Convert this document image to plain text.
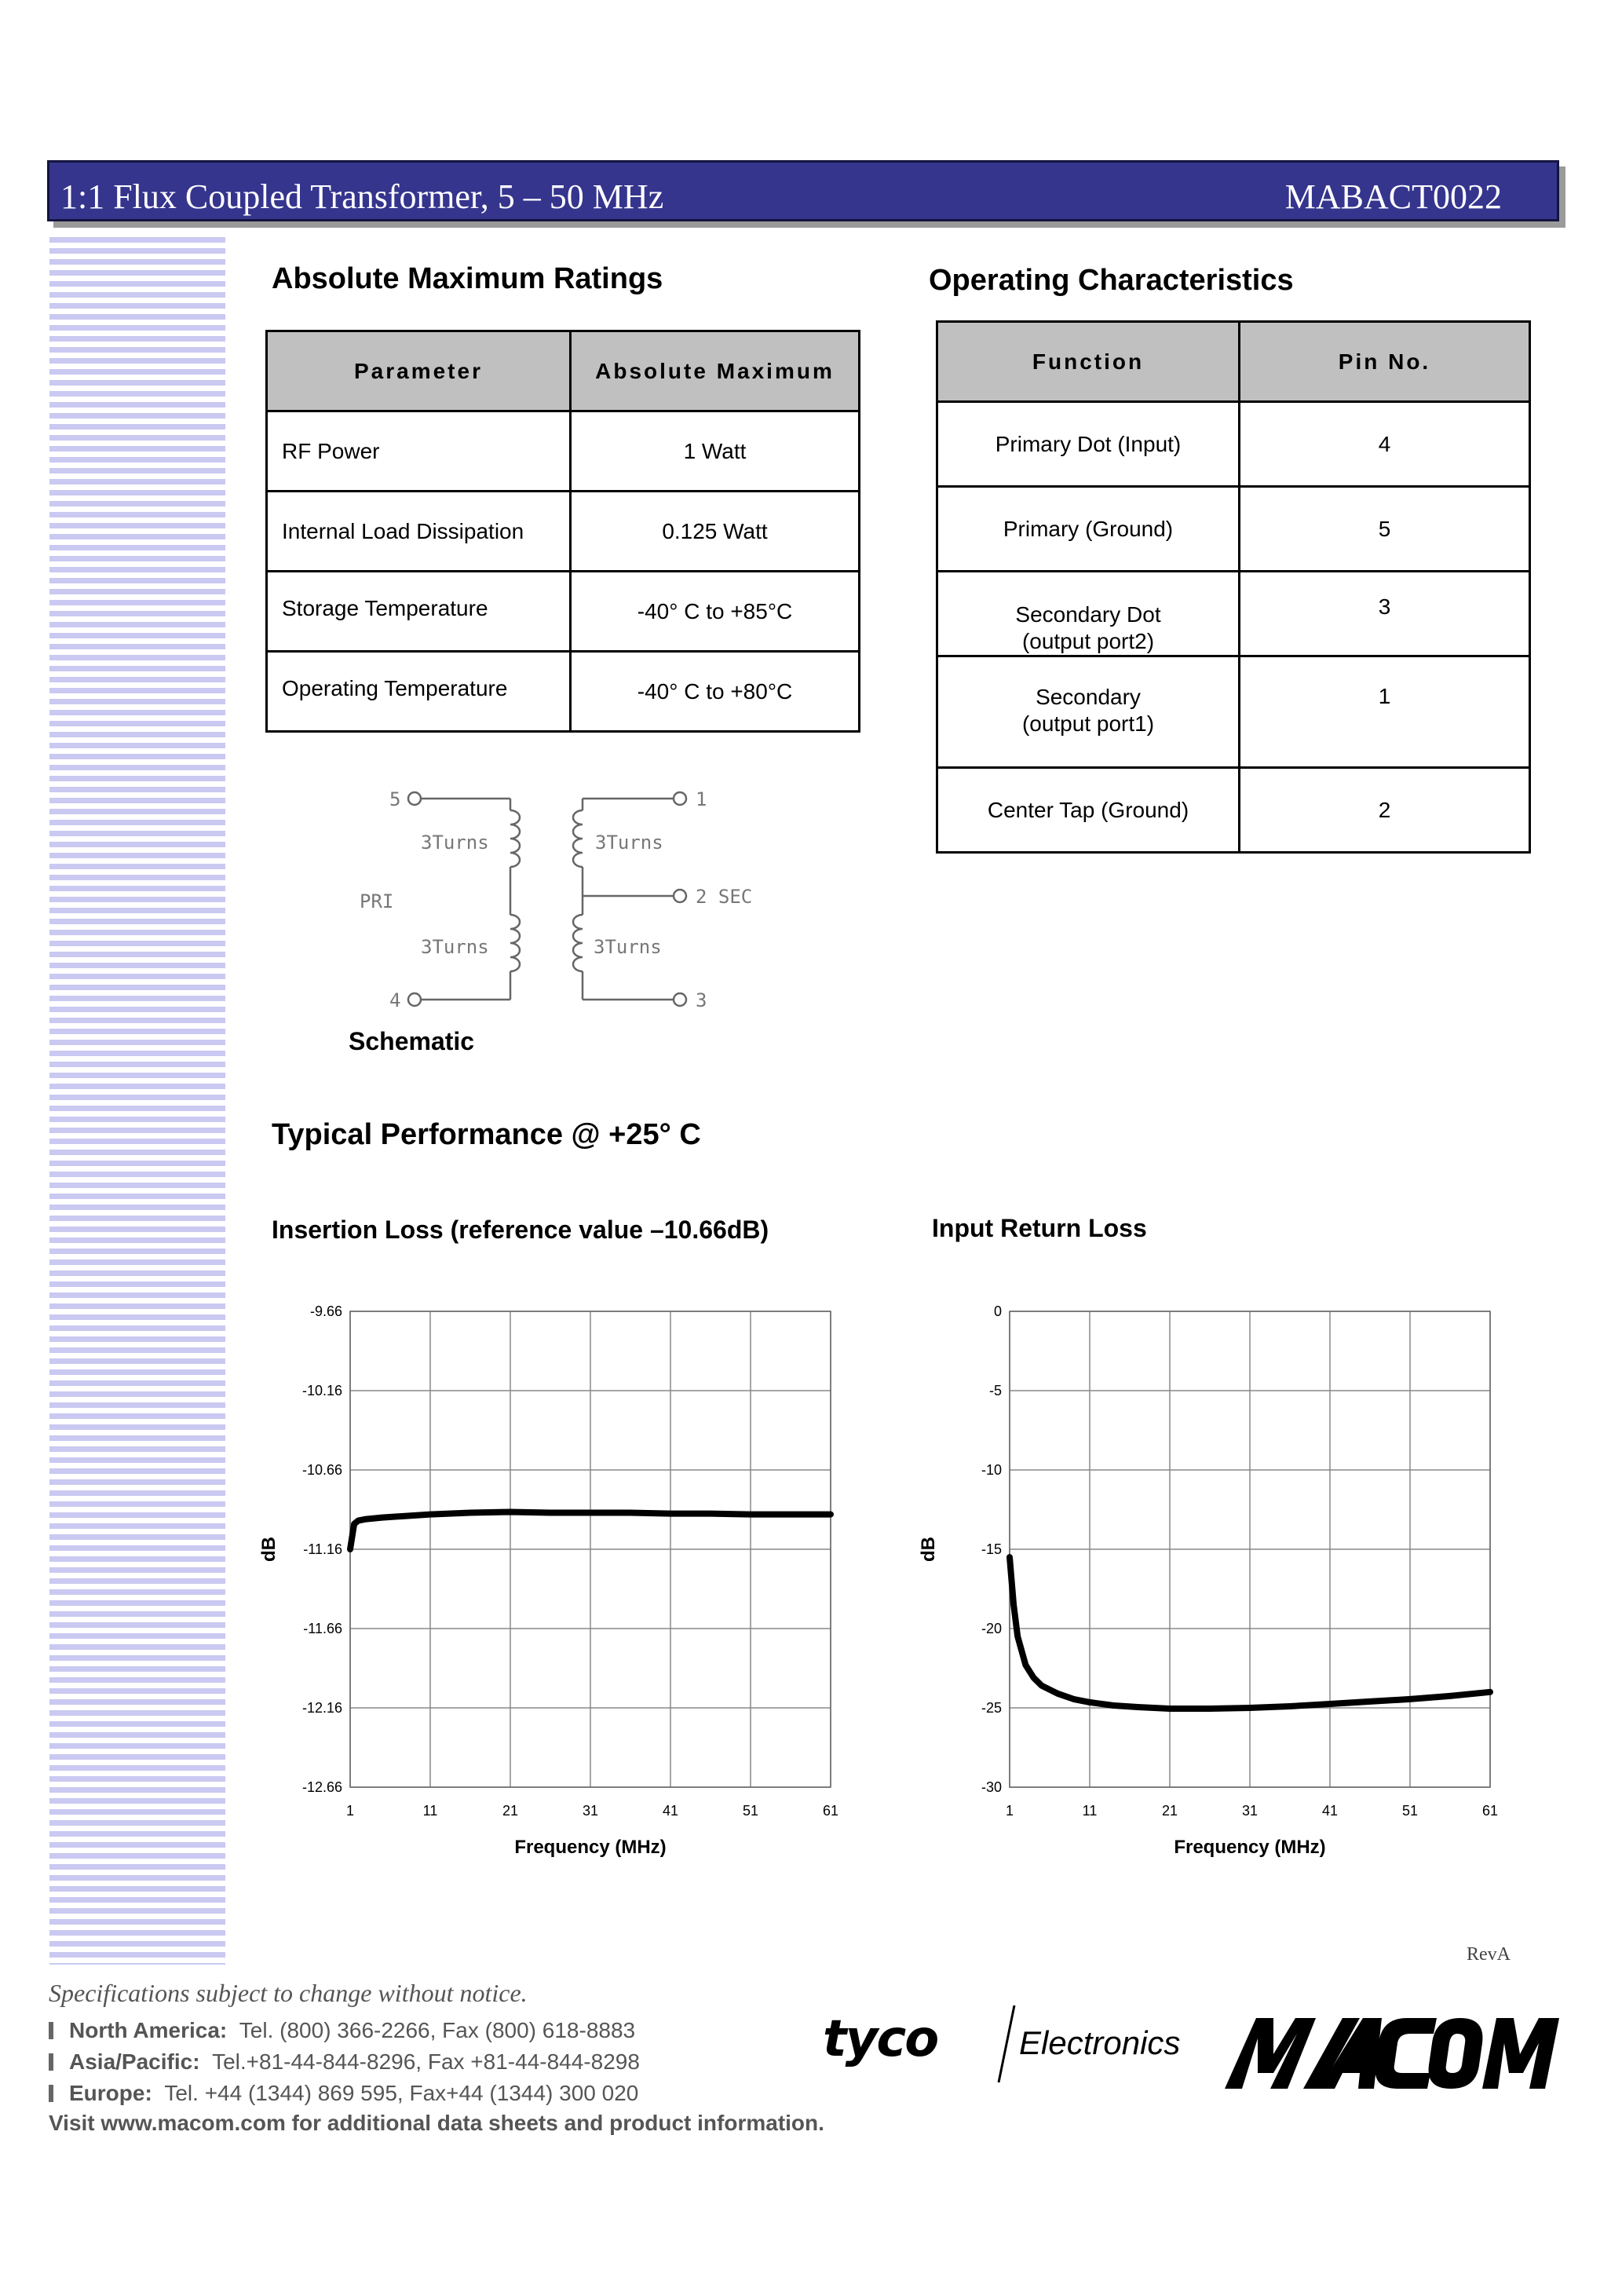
1:1 Flux Coupled Transformer, 5 – 50 MHz	MABACT0022
Absolute Maximum Ratings
Parameter	Absolute Maximum
RF Power	1 Watt
Internal Load Dissipation	0.125 Watt
Storage Temperature	-40° C to +85°C
Operating Temperature	-40° C to +80°C
Operating Characteristics
Function	Pin No.
Primary Dot (Input)	4
Primary (Ground)	5
Secondary Dot
(output port2)	3
Secondary
(output port1)	1
Center Tap (Ground)	2
5
4
1
3
2 SEC
PRI
3Turns
3Turns
3Turns
3Turns
Schematic
Typical Performance @ +25° C
Insertion Loss (reference value –10.66dB)
1	11	21	31	41	51	61
-9.66
-10.16
-10.66
-11.16
-11.66
-12.16
-12.66
Frequency (MHz)
dB
Input Return Loss
1	11	21	31	41	51	61
0
-5
-10
-15
-20
-25
-30
Frequency (MHz)
dB
RevA
Specifications subject to change without notice.
North America: Tel. (800) 366-2266, Fax (800) 618-8883
Asia/Pacific: Tel.+81-44-844-8296, Fax +81-44-844-8298
Europe: Tel. +44 (1344) 869 595, Fax+44 (1344) 300 020
Visit www.macom.com for additional data sheets and product information.
tyco Electronics
M/A-COM
